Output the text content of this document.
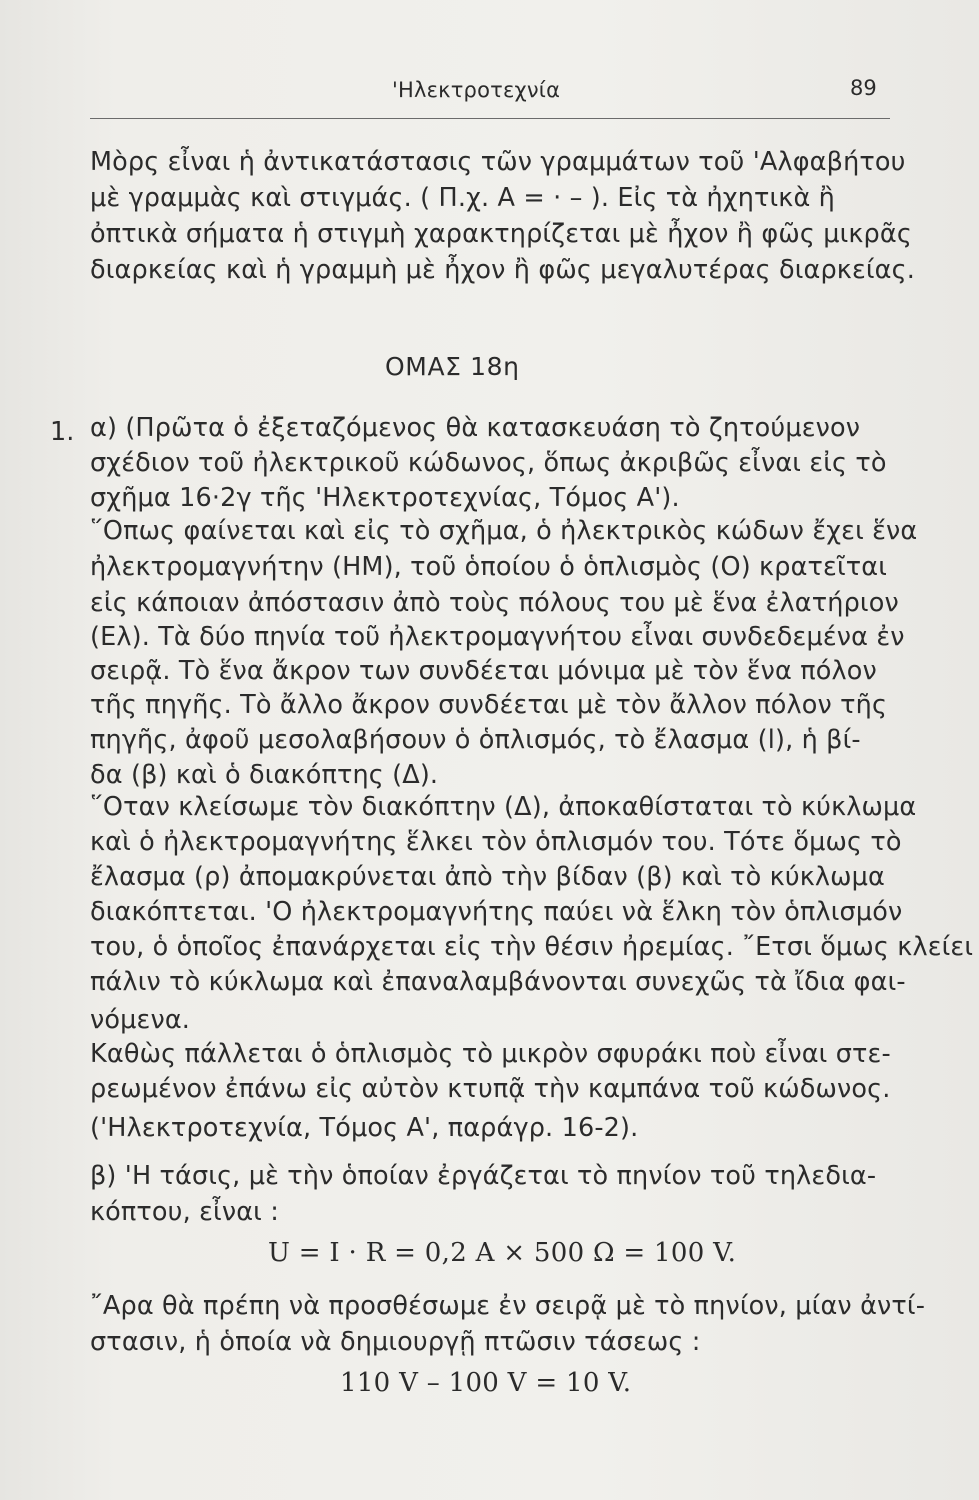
'Ηλεκτροτεχνία	89
Μὸρς εἶναι ἡ ἀντικατάστασις τῶν γραμμάτων τοῦ 'Αλφαβήτου
μὲ γραμμὰς καὶ στιγμάς. ( Π.χ. Α = · – ). Εἰς τὰ ἠχητικὰ ἢ
ὀπτικὰ σήματα ἡ στιγμὴ χαρακτηρίζεται μὲ ἦχον ἢ φῶς μικρᾶς
διαρκείας καὶ ἡ γραμμὴ μὲ ἦχον ἢ φῶς μεγαλυτέρας διαρκείας.
ΟΜΑΣ 18η
1. α) (Πρῶτα ὁ ἐξεταζόμενος θὰ κατασκευάση τὸ ζητούμενον
σχέδιον τοῦ ἠλεκτρικοῦ κώδωνος, ὅπως ἀκριβῶς εἶναι εἰς τὸ
σχῆμα 16·2γ τῆς 'Ηλεκτροτεχνίας, Τόμος Α').
῞Οπως φαίνεται καὶ εἰς τὸ σχῆμα, ὁ ἠλεκτρικὸς κώδων ἔχει ἕνα
ἠλεκτρομαγνήτην (ΗΜ), τοῦ ὁποίου ὁ ὁπλισμὸς (Ο) κρατεῖται
εἰς κάποιαν ἀπόστασιν ἀπὸ τοὺς πόλους του μὲ ἕνα ἐλατήριον
(Ελ). Τὰ δύο πηνία τοῦ ἠλεκτρομαγνήτου εἶναι συνδεδεμένα ἐν
σειρᾷ. Τὸ ἕνα ἄκρον των συνδέεται μόνιμα μὲ τὸν ἕνα πόλον
τῆς πηγῆς. Τὸ ἄλλο ἄκρον συνδέεται μὲ τὸν ἄλλον πόλον τῆς
πηγῆς, ἀφοῦ μεσολαβήσουν ὁ ὁπλισμός, τὸ ἔλασμα (l), ἡ βί-
δα (β) καὶ ὁ διακόπτης (Δ).
῞Οταν κλείσωμε τὸν διακόπτην (Δ), ἀποκαθίσταται τὸ κύκλωμα
καὶ ὁ ἠλεκτρομαγνήτης ἕλκει τὸν ὁπλισμόν του. Τότε ὅμως τὸ
ἔλασμα (ρ) ἀπομακρύνεται ἀπὸ τὴν βίδαν (β) καὶ τὸ κύκλωμα
διακόπτεται. 'Ο ἠλεκτρομαγνήτης παύει νὰ ἕλκη τὸν ὁπλισμόν
του, ὁ ὁποῖος ἐπανάρχεται εἰς τὴν θέσιν ἠρεμίας. ῎Ετσι ὅμως κλείει
πάλιν τὸ κύκλωμα καὶ ἐπαναλαμβάνονται συνεχῶς τὰ ἴδια φαι-
νόμενα.
Καθὼς πάλλεται ὁ ὁπλισμὸς τὸ μικρὸν σφυράκι ποὺ εἶναι στε-
ρεωμένον ἐπάνω εἰς αὐτὸν κτυπᾷ τὴν καμπάνα τοῦ κώδωνος.
('Ηλεκτροτεχνία, Τόμος Α', παράγρ. 16-2).
β) 'Η τάσις, μὲ τὴν ὁποίαν ἐργάζεται τὸ πηνίον τοῦ τηλεδια-
κόπτου, εἶναι :
U = I · R = 0,2 A × 500 Ω = 100 V.
῎Αρα θὰ πρέπη νὰ προσθέσωμε ἐν σειρᾷ μὲ τὸ πηνίον, μίαν ἀντί-
στασιν, ἡ ὁποία νὰ δημιουργῇ πτῶσιν τάσεως :
110 V – 100 V = 10 V.
